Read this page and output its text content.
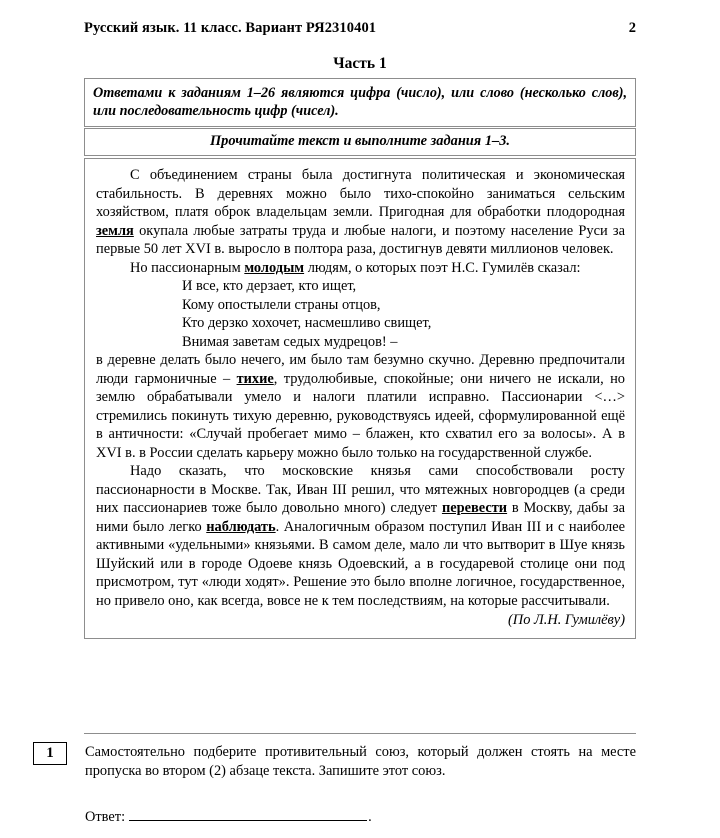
Русский язык. 11 класс. Вариант РЯ2310401	2
Часть 1
Ответами к заданиям 1–26 являются цифра (число), или слово (несколько слов), или последовательность цифр (чисел).
Прочитайте текст и выполните задания 1–3.

С объединением страны была достигнута политическая и экономическая стабильность. В деревнях можно было тихо-спокойно заниматься сельским хозяйством, платя оброк владельцам земли. Пригодная для обработки плодородная земля окупала любые затраты труда и любые налоги, и поэтому население Руси за первые 50 лет XVI в. выросло в полтора раза, достигнув девяти миллионов человек.

Но пассионарным молодым людям, о которых поэт Н.С. Гумилёв сказал:

И все, кто дерзает, кто ищет,

Кому опостылели страны отцов,

Кто дерзко хохочет, насмешливо свищет,

Внимая заветам седых мудрецов! –

в деревне делать было нечего, им было там безумно скучно. Деревню предпочитали люди гармоничные – тихие, трудолюбивые, спокойные; они ничего не искали, но землю обрабатывали умело и налоги платили исправно. Пассионарии <…> стремились покинуть тихую деревню, руководствуясь идеей, сформулированной ещё в античности: «Случай пробегает мимо – блажен, кто схватил его за волосы». А в XVI в. в России сделать карьеру можно было только на государственной службе.

Надо сказать, что московские князья сами способствовали росту пассионарности в Москве. Так, Иван III решил, что мятежных новгородцев (а среди них пассионариев тоже было довольно много) следует перевести в Москву, дабы за ними было легко наблюдать. Аналогичным образом поступил Иван III и с наиболее активными «удельными» князьями. В самом деле, мало ли что вытворит в Шуе князь Шуйский или в городе Одоеве князь Одоевский, а в государевой столице они под присмотром, тут «люди ходят». Решение это было вполне логичное, государственное, но привело оно, как всегда, вовсе не к тем последствиям, на которые рассчитывали.

(По Л.Н. Гумилёву)
1	Самостоятельно подберите противительный союз, который должен стоять на месте пропуска во втором (2) абзаце текста. Запишите этот союз.
Ответ:	.
